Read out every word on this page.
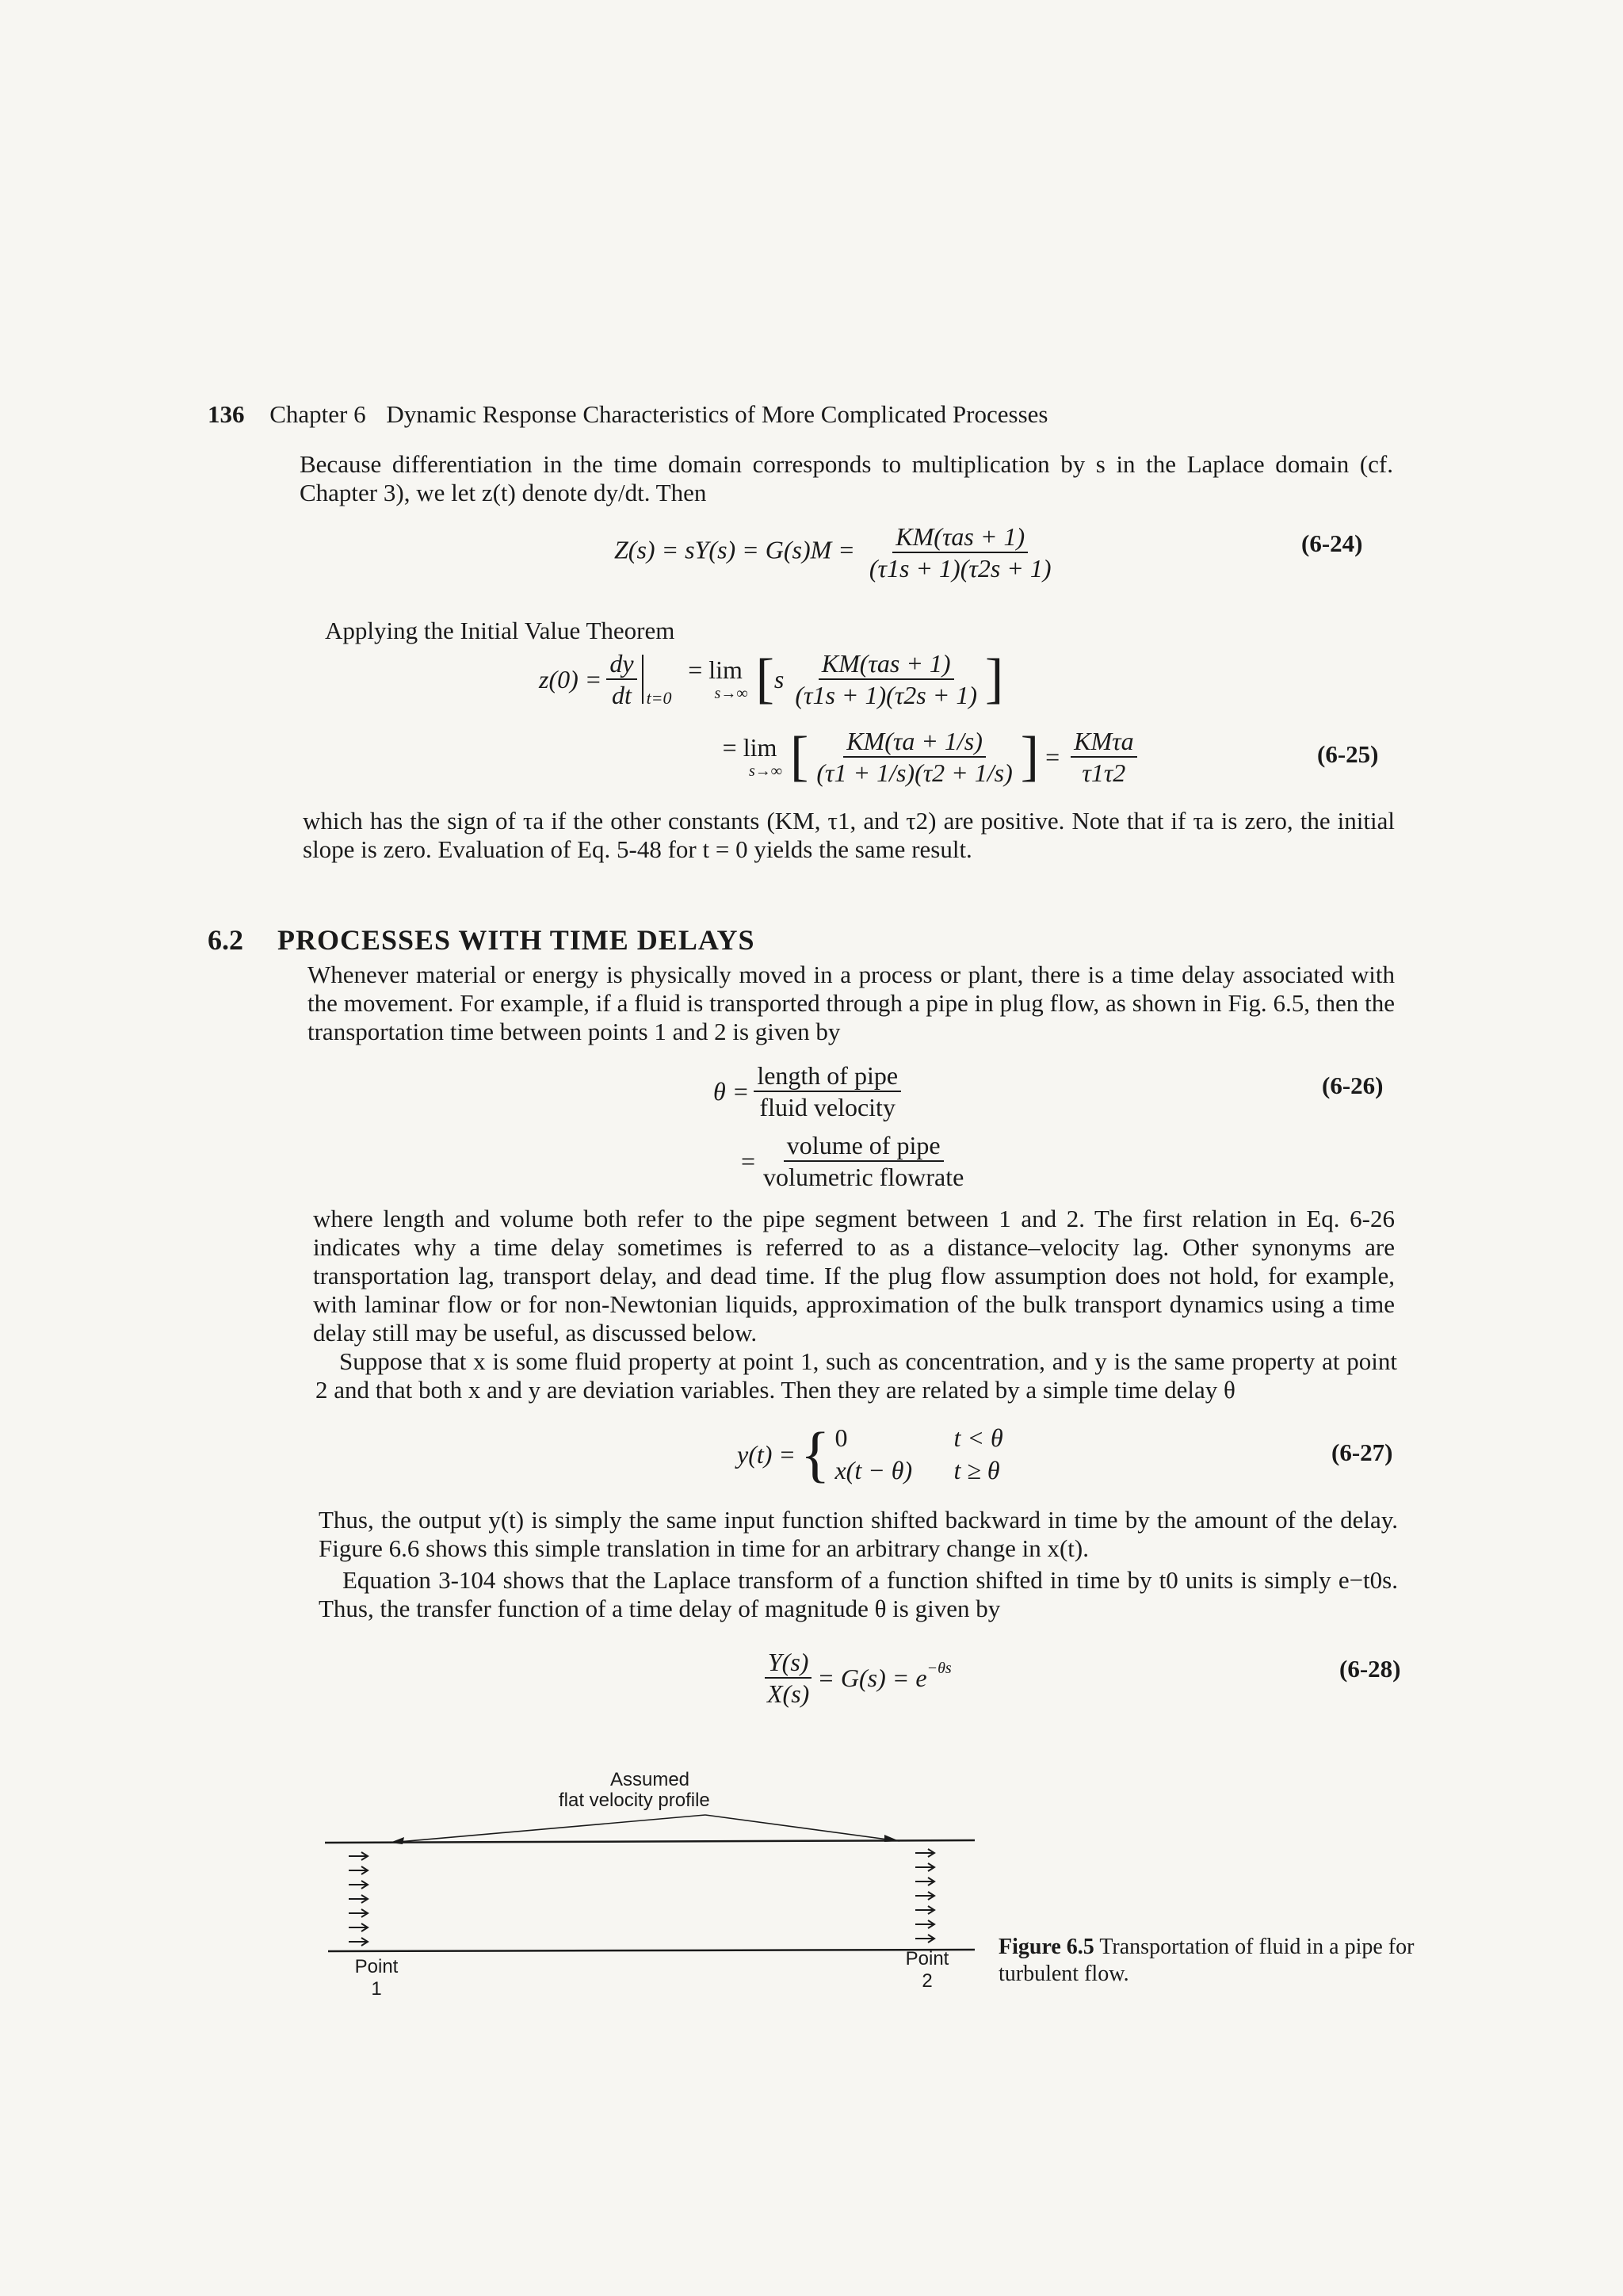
136 Chapter 6 Dynamic Response Characteristics of More Complicated Processes
Because differentiation in the time domain corresponds to multiplication by s in the Laplace domain (cf. Chapter 3), we let z(t) denote dy/dt. Then
$Z(s) = sY(s) = G(s)M = \frac{\text{KM(τas + 1)}}{(\tau 1s + 1)(\tau 2s + 1)}$	(6-24)
Applying the Initial Value Theorem
$z(0) = \frac{dy}{dt} t=0$
= lim
s→∞ [ s $\frac{\text{KM(τas + 1)}}{(\tau 1s + 1)(\tau 2s + 1)}$ ]
= lim
s→∞ [ $\frac{KM(\tau a + 1/s)}{(\tau 1 + 1/s)(\tau 2 + 1/s)}$ ] = $\frac{\text{KMτa}}{\tau 1\tau 2}$	(6-25)
which has the sign of τa if the other constants (KM, τ1, and τ2) are positive. Note that if τa is zero, the initial slope is zero. Evaluation of Eq. 5-48 for t = 0 yields the same result.
6.2 PROCESSES WITH TIME DELAYS
Whenever material or energy is physically moved in a process or plant, there is a time delay associated with the movement. For example, if a fluid is transported through a pipe in plug flow, as shown in Fig. 6.5, then the transportation time between points 1 and 2 is given by
$\theta = \frac{\text{length of pipe}}{\text{fluid velocity}}$	(6-26)
= $\frac{\text{volume of pipe}}{\text{volumetric flowrate}}$
where length and volume both refer to the pipe segment between 1 and 2. The first relation in Eq. 6-26 indicates why a time delay sometimes is referred to as a distance–velocity lag. Other synonyms are transportation lag, transport delay, and dead time. If the plug flow assumption does not hold, for example, with laminar flow or for non-Newtonian liquids, approximation of the bulk transport dynamics using a time delay still may be useful, as discussed below.
Suppose that x is some fluid property at point 1, such as concentration, and y is the same property at point 2 and that both x and y are deviation variables. Then they are related by a simple time delay θ
y(t) = { 0	t < θ
x(t − θ)	t ≥ θ
(6-27)
Thus, the output y(t) is simply the same input function shifted backward in time by the amount of the delay. Figure 6.6 shows this simple translation in time for an arbitrary change in x(t).
Equation 3-104 shows that the Laplace transform of a function shifted in time by t0 units is simply e−t0s. Thus, the transfer function of a time delay of magnitude θ is given by
$\frac{Y(s)}{X(s)} = G(s) = e -\theta s$	(6-28)
Assumed
flat velocity profile
Point
1
Point
2
Figure 6.5 Transportation of fluid in a pipe for turbulent flow.
